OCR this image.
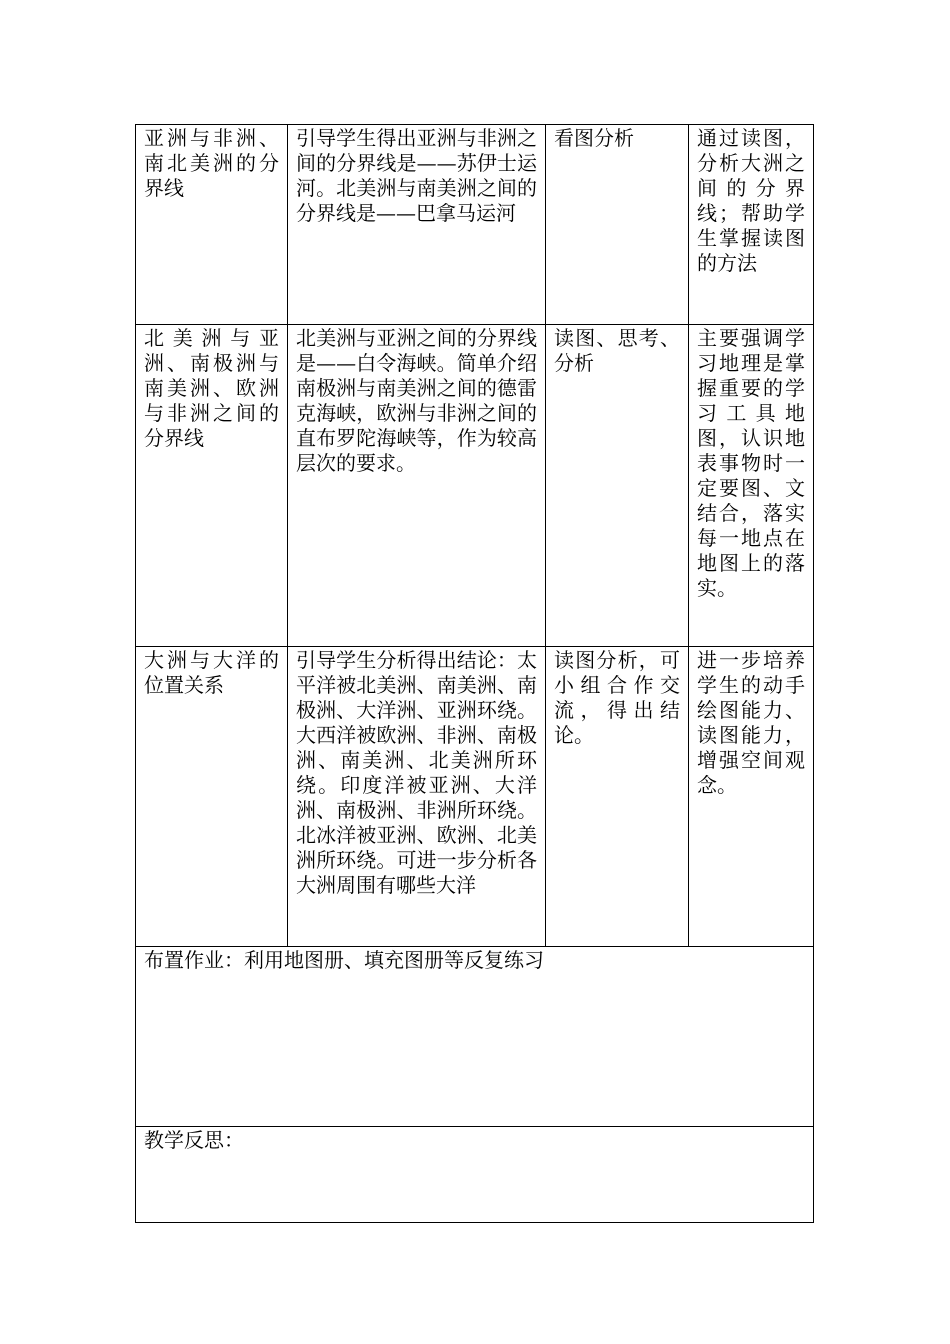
亚洲与非洲、南北美洲的分界线	引导学生得出亚洲与非洲之间的分界线是——苏伊士运河。北美洲与南美洲之间的分界线是——巴拿马运河	看图分析	通过读图，分析大洲之间的分界线；帮助学生掌握读图的方法

北美洲与亚洲、南极洲与南美洲、欧洲与非洲之间的分界线	北美洲与亚洲之间的分界线是——白令海峡。简单介绍南极洲与南美洲之间的德雷克海峡，欧洲与非洲之间的直布罗陀海峡等，作为较高层次的要求。	读图、思考、分析	主要强调学习地理是掌握重要的学习工具地图，认识地表事物时一定要图、文结合，落实每一地点在地图上的落实。

大洲与大洋的位置关系	引导学生分析得出结论：太平洋被北美洲、南美洲、南极洲、大洋洲、亚洲环绕。大西洋被欧洲、非洲、南极洲、南美洲、北美洲所环绕。印度洋被亚洲、大洋洲、南极洲、非洲所环绕。北冰洋被亚洲、欧洲、北美洲所环绕。可进一步分析各大洲周围有哪些大洋	读图分析，可小组合作交流，得出结论。	进一步培养学生的动手绘图能力、读图能力，增强空间观念。

布置作业：利用地图册、填充图册等反复练习			

教学反思：			
